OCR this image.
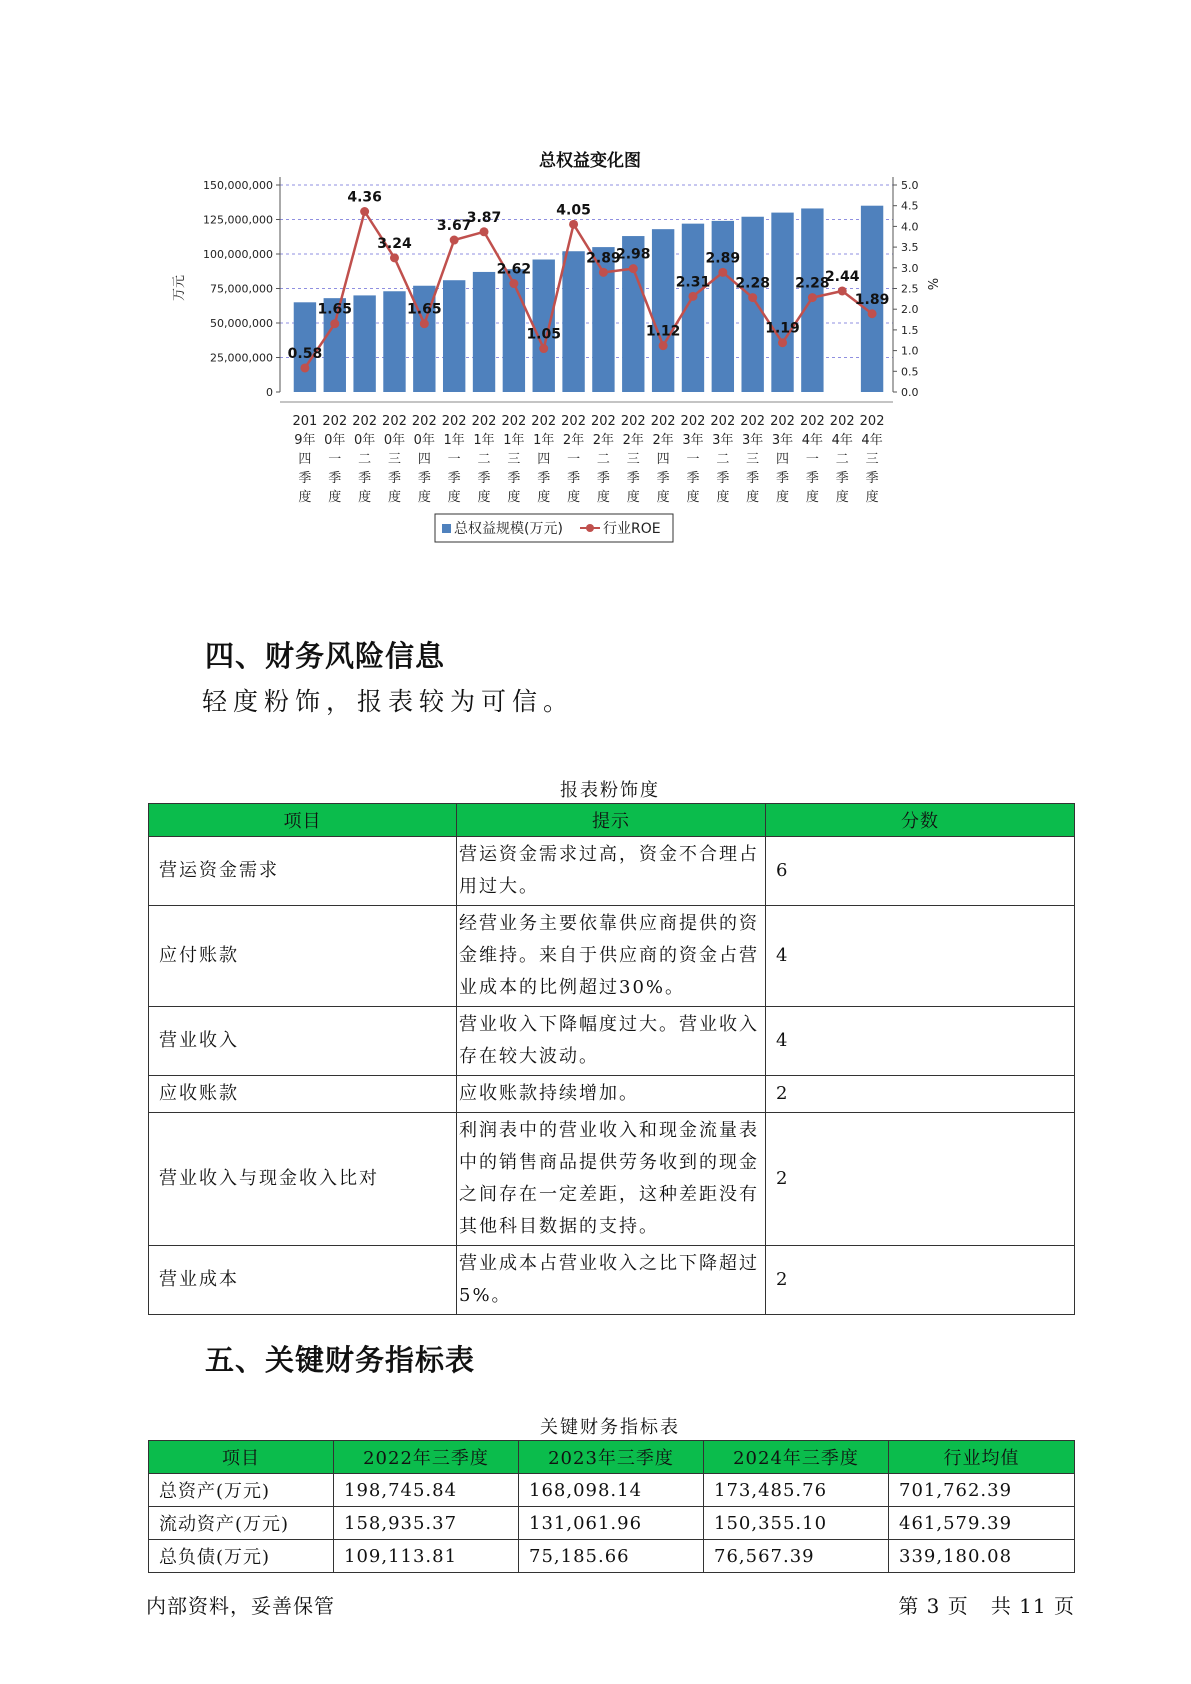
总权益变化图
0
25,000,000
50,000,000
75,000,000
100,000,000
125,000,000
150,000,000
0.0
0.5
1.0
1.5
2.0
2.5
3.0
3.5
4.0
4.5
5.0
0.58
1.65
4.36
3.24
1.65
3.67
3.87
2.62
1.05
4.05
2.89
2.98
1.12
2.31
2.89
2.28
1.19
2.28
2.44
1.89
201
9年
四
季
度
202
0年
一
季
度
202
0年
二
季
度
202
0年
三
季
度
202
0年
四
季
度
202
1年
一
季
度
202
1年
二
季
度
202
1年
三
季
度
202
1年
四
季
度
202
2年
一
季
度
202
2年
二
季
度
202
2年
三
季
度
202
2年
四
季
度
202
3年
一
季
度
202
3年
二
季
度
202
3年
三
季
度
202
3年
四
季
度
202
4年
一
季
度
202
4年
二
季
度
202
4年
三
季
度
万元	%
总权益规模(万元)	行业ROE
四、财务风险信息
轻度粉饰，报表较为可信。
报表粉饰度
项目	提示	分数
营运资金需求	营运资金需求过高，资金不合理占用过大。	6
应付账款	经营业务主要依靠供应商提供的资金维持。来自于供应商的资金占营业成本的比例超过30%。	4
营业收入	营业收入下降幅度过大。营业收入存在较大波动。	4
应收账款	应收账款持续增加。	2
营业收入与现金收入比对	利润表中的营业收入和现金流量表中的销售商品提供劳务收到的现金之间存在一定差距，这种差距没有其他科目数据的支持。	2
营业成本	营业成本占营业收入之比下降超过5%。	2
五、关键财务指标表
关键财务指标表
项目	2022年三季度	2023年三季度	2024年三季度	行业均值
总资产(万元)	198,745.84	168,098.14	173,485.76	701,762.39
流动资产(万元)	158,935.37	131,061.96	150,355.10	461,579.39
总负债(万元)	109,113.81	75,185.66	76,567.39	339,180.08
内部资料，妥善保管	第 3 页   共 11 页
